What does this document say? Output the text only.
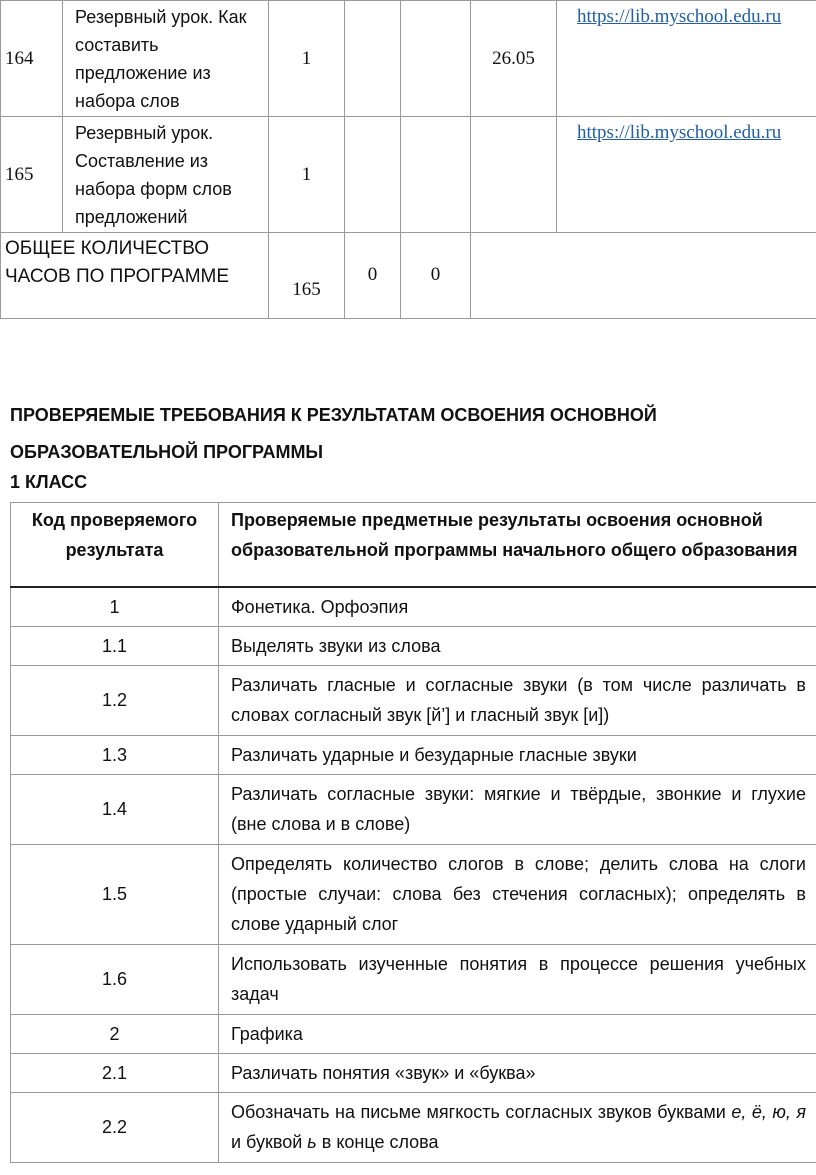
164	Резервный урок. Как составить предложение из набора слов	1			26.05	https://lib.myschool.edu.ru
165	Резервный урок. Составление из набора форм слов предложений	1				https://lib.myschool.edu.ru
ОБЩЕЕ КОЛИЧЕСТВО ЧАСОВ ПО ПРОГРАММЕ		165	0	0		

ПРОВЕРЯЕМЫЕ ТРЕБОВАНИЯ К РЕЗУЛЬТАТАМ ОСВОЕНИЯ ОСНОВНОЙ

ОБРАЗОВАТЕЛЬНОЙ ПРОГРАММЫ

1 КЛАСС

Код проверяемого результата	Проверяемые предметные результаты освоения основной образовательной программы начального общего образования
1	Фонетика. Орфоэпия
1.1	Выделять звуки из слова
1.2	Различать гласные и согласные звуки (в том числе различать в словах согласный звук [й’] и гласный звук [и])
1.3	Различать ударные и безударные гласные звуки
1.4	Различать согласные звуки: мягкие и твёрдые, звонкие и глухие (вне слова и в слове)
1.5	Определять количество слогов в слове; делить слова на слоги (простые случаи: слова без стечения согласных); определять в слове ударный слог
1.6	Использовать изученные понятия в процессе решения учебных задач
2	Графика
2.1	Различать понятия «звук» и «буква»
2.2	Обозначать на письме мягкость согласных звуков буквами е, ё, ю, я и буквой ь в конце слова
